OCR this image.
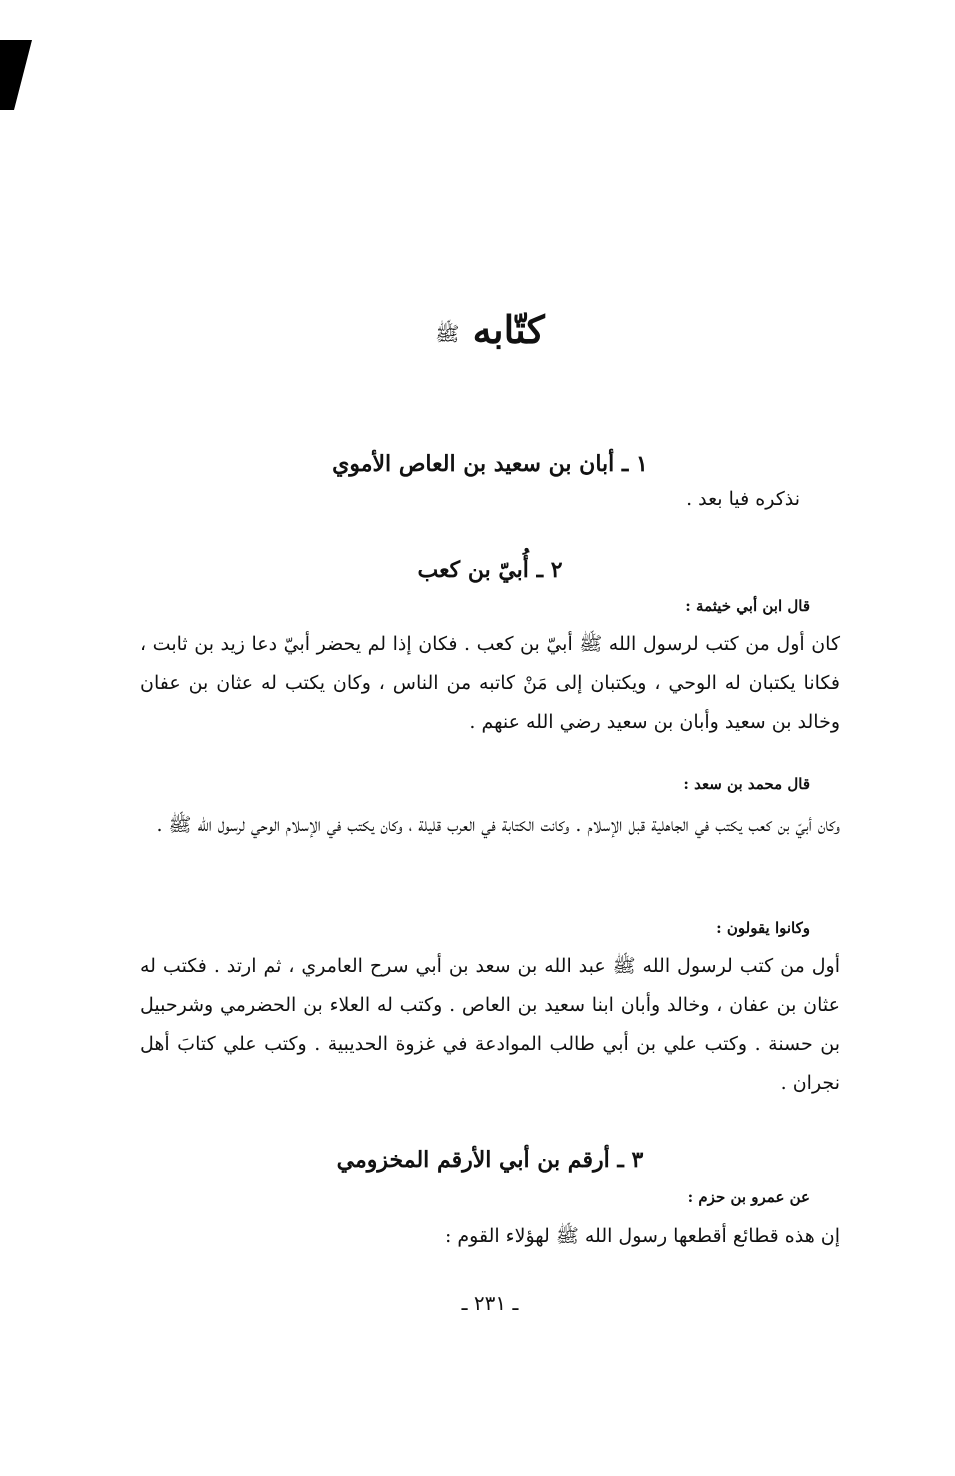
كتّابه ﷺ
١ ـ أبان بن سعيد بن العاص الأموي
نذكره فيا بعد .
٢ ـ أُبيّ بن كعب
قال ابن أبي خيثمة :
كان أول من كتب لرسول الله ﷺ أبيّ بن كعب . فكان إذا لم يحضر أبيّ دعا زيد بن ثابت ، فكانا يكتبان له الوحي ، ويكتبان إلى مَنْ كاتبه من الناس ، وكان يكتب له عثان بن عفان وخالد بن سعيد وأبان بن سعيد رضي الله عنهم .
قال محمد بن سعد :
وكان أبيّ بن كعب يكتب في الجاهلية قبل الإسلام . وكانت الكتابة في العرب قليلة ، وكان يكتب في الإسلام الوحي لرسول الله ﷺ .
وكانوا يقولون :
أول من كتب لرسول الله ﷺ عبد الله بن سعد بن أبي سرح العامري ، ثم ارتد . فكتب له عثان بن عفان ، وخالد وأبان ابنا سعيد بن العاص . وكتب له العلاء بن الحضرمي وشرحبيل بن حسنة . وكتب علي بن أبي طالب الموادعة في غزوة الحديبية . وكتب علي كتابَ أهل نجران .
٣ ـ أرقم بن أبي الأرقم المخزومي
عن عمرو بن حزم :
إن هذه قطائع أقطعها رسول الله ﷺ لهؤلاء القوم :
ـ ٢٣١ ـ
